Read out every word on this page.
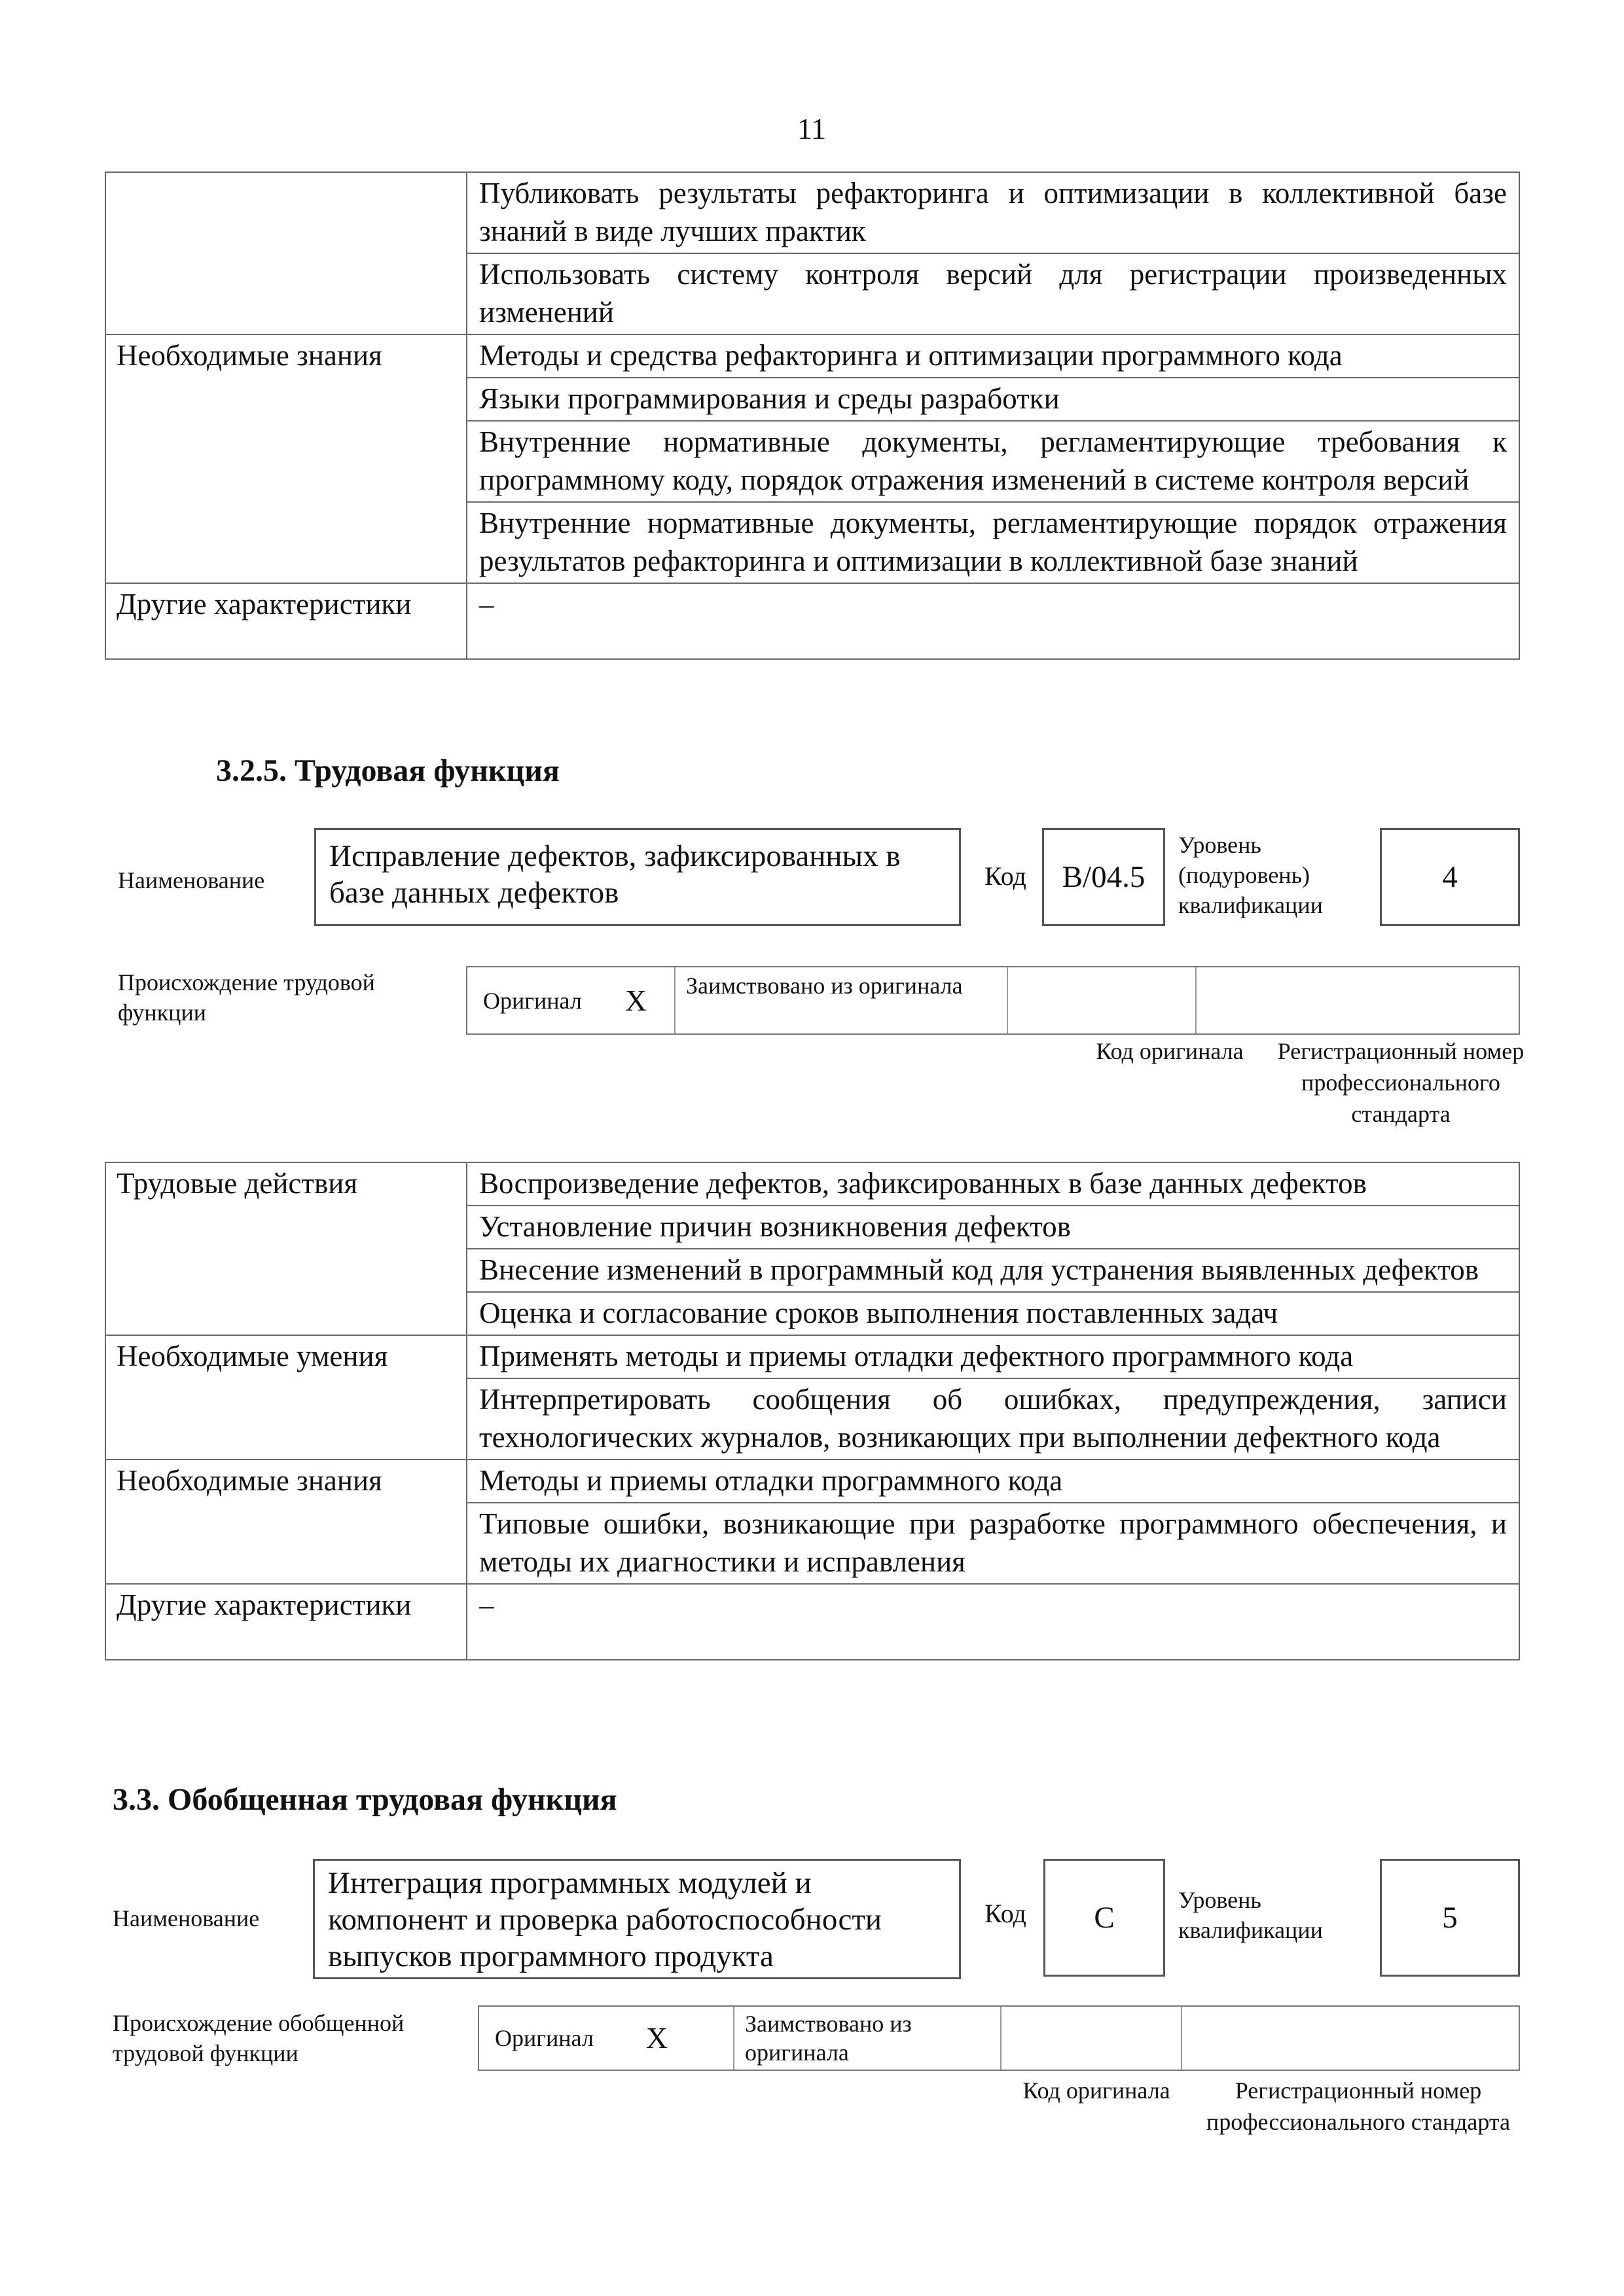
11
	Публиковать результаты рефакторинга и оптимизации в коллективной базе знаний в виде лучших практик
	Использовать систему контроля версий для регистрации произведенных изменений
Необходимые знания	Методы и средства рефакторинга и оптимизации программного кода
	Языки программирования и среды разработки
	Внутренние нормативные документы, регламентирующие требования к программному коду, порядок отражения изменений в системе контроля версий
	Внутренние нормативные документы, регламентирующие порядок отражения результатов рефакторинга и оптимизации в коллективной базе знаний
Другие характеристики	–
3.2.5. Трудовая функция
Наименование
Исправление дефектов, зафиксированных в базе данных дефектов	Код B/04.5
Уровень (подуровень) квалификации
4
Происхождение трудовой функции	Оригинал X	Заимствовано из оригинала
Код оригинала	Регистрационный номер профессионального стандарта
Трудовые действия	Воспроизведение дефектов, зафиксированных в базе данных дефектов
	Установление причин возникновения дефектов
	Внесение изменений в программный код для устранения выявленных дефектов
	Оценка и согласование сроков выполнения поставленных задач
Необходимые умения	Применять методы и приемы отладки дефектного программного кода
	Интерпретировать сообщения об ошибках, предупреждения, записи технологических журналов, возникающих при выполнении дефектного кода
Необходимые знания	Методы и приемы отладки программного кода
	Типовые ошибки, возникающие при разработке программного обеспечения, и методы их диагностики и исправления
Другие характеристики	–
3.3. Обобщенная трудовая функция
Наименование
Интеграция программных модулей и компонент и проверка работоспособности выпусков программного продукта
Код C
Уровень квалификации	5
Происхождение обобщенной трудовой функции
Оригинал X	Заимствовано из оригинала
Код оригинала	Регистрационный номер профессионального стандарта
